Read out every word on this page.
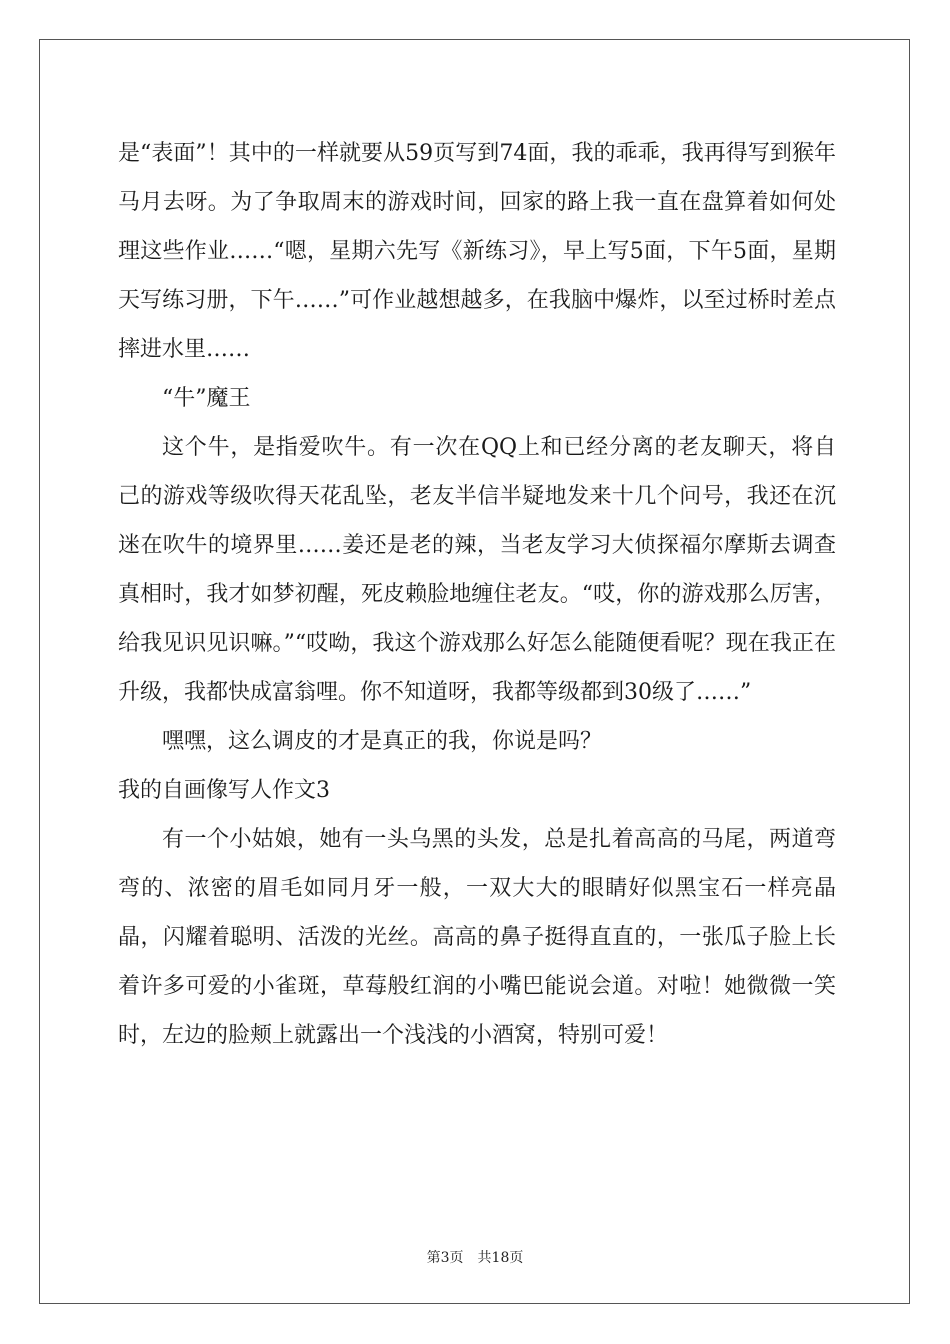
是“表面”！其中的一样就要从59页写到74面，我的乖乖，我再得写到猴年马月去呀。为了争取周末的游戏时间，回家的路上我一直在盘算着如何处理这些作业……“嗯，星期六先写《新练习》，早上写5面，下午5面，星期天写练习册，下午……”可作业越想越多，在我脑中爆炸，以至过桥时差点摔进水里……

“牛”魔王

这个牛，是指爱吹牛。有一次在QQ上和已经分离的老友聊天，将自己的游戏等级吹得天花乱坠，老友半信半疑地发来十几个问号，我还在沉迷在吹牛的境界里……姜还是老的辣，当老友学习大侦探福尔摩斯去调查真相时，我才如梦初醒，死皮赖脸地缠住老友。“哎，你的游戏那么厉害，给我见识见识嘛。”“哎呦，我这个游戏那么好怎么能随便看呢？现在我正在升级，我都快成富翁哩。你不知道呀，我都等级都到30级了……”

嘿嘿，这么调皮的才是真正的我，你说是吗？

我的自画像写人作文3

有一个小姑娘，她有一头乌黑的头发，总是扎着高高的马尾，两道弯弯的、浓密的眉毛如同月牙一般，一双大大的眼睛好似黑宝石一样亮晶晶，闪耀着聪明、活泼的光丝。高高的鼻子挺得直直的，一张瓜子脸上长着许多可爱的小雀斑，草莓般红润的小嘴巴能说会道。对啦！她微微一笑时，左边的脸颊上就露出一个浅浅的小酒窝，特别可爱！

第3页 共18页
